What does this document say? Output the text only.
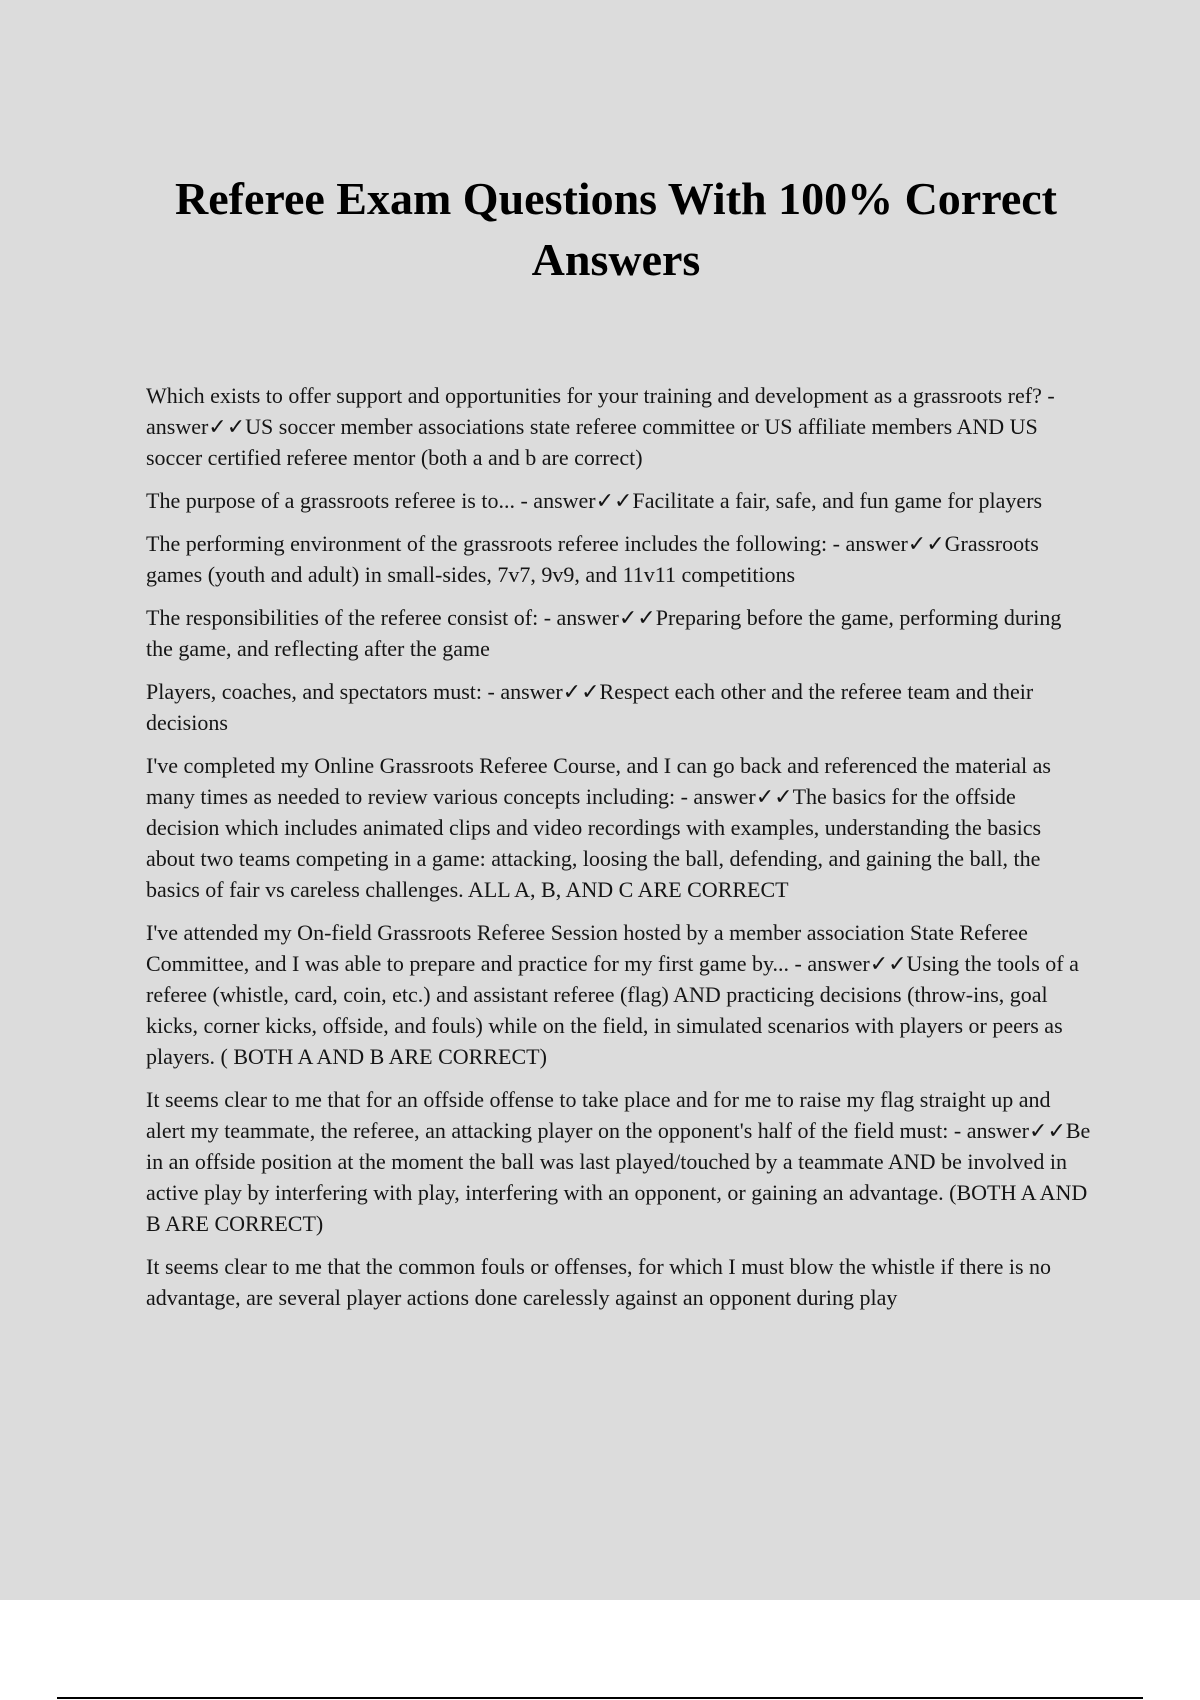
Referee Exam Questions With 100% Correct Answers

Which exists to offer support and opportunities for your training and development as a grassroots ref? - answer✓✓US soccer member associations state referee committee or US affiliate members AND US soccer certified referee mentor (both a and b are correct)

The purpose of a grassroots referee is to... - answer✓✓Facilitate a fair, safe, and fun game for players

The performing environment of the grassroots referee includes the following: - answer✓✓Grassroots games (youth and adult) in small-sides, 7v7, 9v9, and 11v11 competitions

The responsibilities of the referee consist of: - answer✓✓Preparing before the game, performing during the game, and reflecting after the game

Players, coaches, and spectators must: - answer✓✓Respect each other and the referee team and their decisions

I've completed my Online Grassroots Referee Course, and I can go back and referenced the material as many times as needed to review various concepts including: - answer✓✓The basics for the offside decision which includes animated clips and video recordings with examples, understanding the basics about two teams competing in a game: attacking, loosing the ball, defending, and gaining the ball, the basics of fair vs careless challenges. ALL A, B, AND C ARE CORRECT

I've attended my On-field Grassroots Referee Session hosted by a member association State Referee Committee, and I was able to prepare and practice for my first game by... - answer✓✓Using the tools of a referee (whistle, card, coin, etc.) and assistant referee (flag) AND practicing decisions (throw-ins, goal kicks, corner kicks, offside, and fouls) while on the field, in simulated scenarios with players or peers as players. ( BOTH A AND B ARE CORRECT)

It seems clear to me that for an offside offense to take place and for me to raise my flag straight up and alert my teammate, the referee, an attacking player on the opponent's half of the field must: - answer✓✓Be in an offside position at the moment the ball was last played/touched by a teammate AND be involved in active play by interfering with play, interfering with an opponent, or gaining an advantage. (BOTH A AND B ARE CORRECT)

It seems clear to me that the common fouls or offenses, for which I must blow the whistle if there is no advantage, are several player actions done carelessly against an opponent during play
